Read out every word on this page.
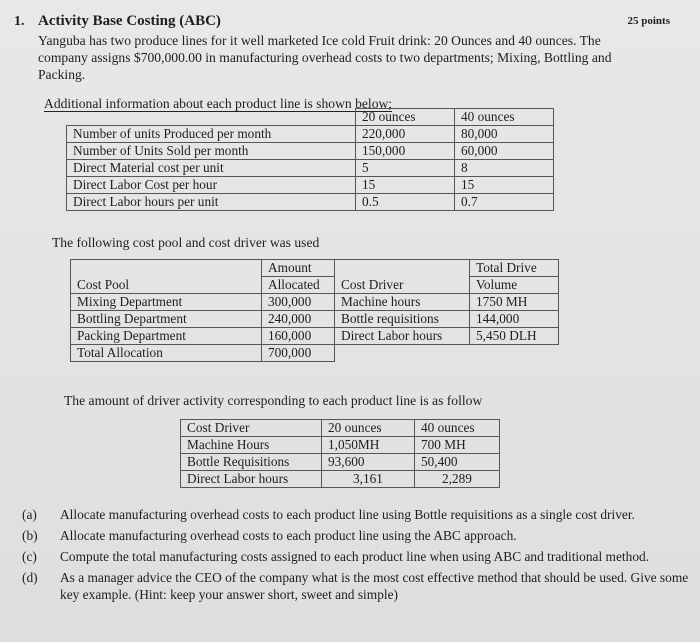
1. Activity Base Costing (ABC)	25 points
Yanguba has two produce lines for it well marketed Ice cold Fruit drink: 20 Ounces and 40 ounces. The
company assigns $700,000.00 in manufacturing overhead costs to two departments; Mixing, Bottling and
Packing.
Additional information about each product line is shown below;
	20 ounces	40 ounces
Number of units Produced per month	220,000	80,000
Number of Units Sold per month	150,000	60,000
Direct Material cost per unit	5	8
Direct Labor Cost per hour	15	15
Direct Labor hours per unit	0.5	0.7
The following cost pool and cost driver was used
Cost Pool	Amount	Cost Driver	Total Drive
	Allocated		Volume
Mixing Department	300,000	Machine hours	1750 MH
Bottling Department	240,000	Bottle requisitions	144,000
Packing Department	160,000	Direct Labor hours	5,450 DLH
Total Allocation	700,000		
The amount of driver activity corresponding to each product line is as follow
Cost Driver	20 ounces	40 ounces
Machine Hours	1,050MH	700 MH
Bottle Requisitions	93,600	50,400
Direct Labor hours	3,161	2,289
(a)	Allocate manufacturing overhead costs to each product line using Bottle requisitions as a single cost driver.
(b)	Allocate manufacturing overhead costs to each product line using the ABC approach.
(c)	Compute the total manufacturing costs assigned to each product line when using ABC and traditional method.
(d)	As a manager advice the CEO of the company what is the most cost effective method that should be used. Give some key example. (Hint: keep your answer short, sweet and simple)
